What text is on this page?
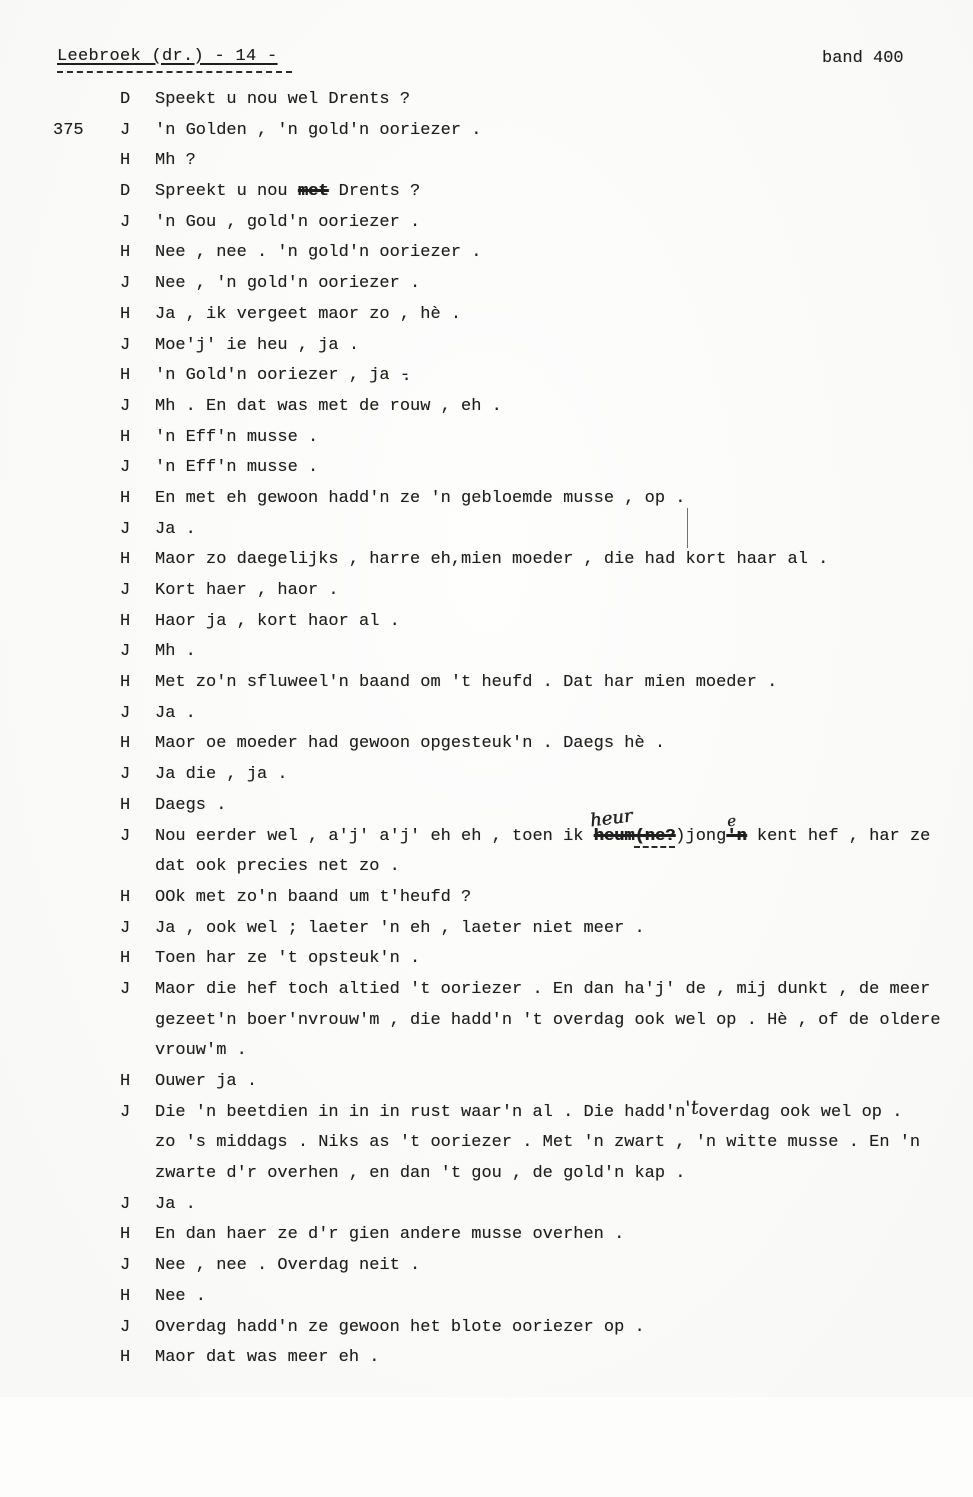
Leebroek (dr.) - 14 -	band 400

D

Speekt u nou wel Drents ?

375

J

'n Golden , 'n gold'n ooriezer .

H

Mh ?

D

Spreekt u nou met Drents ?

J

'n Gou , gold'n ooriezer .

H

Nee , nee . 'n gold'n ooriezer .

J

Nee , 'n gold'n ooriezer .

H

Ja , ik vergeet maor zo , hè .

J

Moe'j' ie heu , ja .

H

'n Gold'n ooriezer , ja - .

J

Mh . En dat was met de rouw , eh .

H

'n Eff'n musse .

J

'n Eff'n musse .

H

En met eh gewoon hadd'n ze 'n gebloemde musse , op .

J

Ja .

H

Maor zo daegelijks , harre eh,mien moeder , die had kort haar al .

J

Kort haer , haor .

H

Haor ja , kort haor al .

J

Mh .

H

Met zo'n sfluweel'n baand om 't heufd . Dat har mien moeder .

J

Ja .

H

Maor oe moeder had gewoon opgesteuk'n . Daegs hè .

J

Ja die , ja .

H

Daegs .

J

Nou eerder wel , a'j' a'j' eh eh , toen ik heum
heur
(ne?)jong'n
e
kent hef , har ze

dat ook precies net zo .

H

OOk met zo'n baand um t'heufd ?

J

Ja , ook wel ; laeter 'n eh , laeter niet meer .

H

Toen har ze 't opsteuk'n .

J

Maor die hef toch altied 't ooriezer . En dan ha'j' de , mij dunkt , de meer

gezeet'n boer'nvrouw'm , die hadd'n 't overdag ook wel op . Hè , of de oldere

vrouw'm .

H

Ouwer ja .

J

Die 'n beetdien in in in rust waar'n al . Die hadd'n'toverdag ook wel op .

zo 's middags . Niks as 't ooriezer . Met 'n zwart , 'n witte musse . En 'n

zwarte d'r overhen , en dan 't gou , de gold'n kap .

J

Ja .

H

En dan haer ze d'r gien andere musse overhen .

J

Nee , nee . Overdag neit .

H

Nee .

J

Overdag hadd'n ze gewoon het blote ooriezer op .

H

Maor dat was meer eh .
